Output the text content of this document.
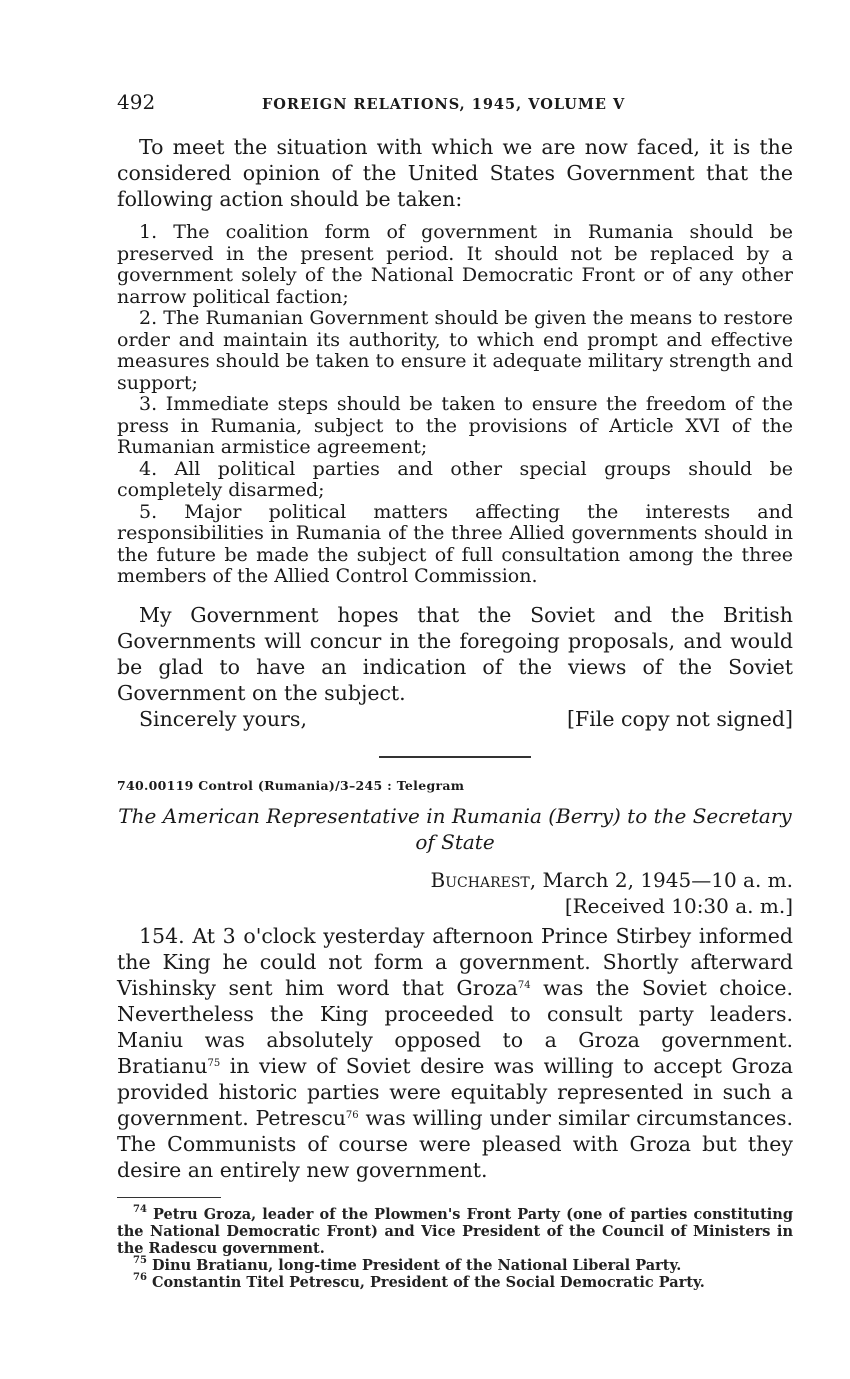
492	FOREIGN RELATIONS, 1945, VOLUME V

To meet the situation with which we are now faced, it is the considered opinion of the United States Government that the following action should be taken:

1. The coalition form of government in Rumania should be preserved in the present period. It should not be replaced by a government solely of the National Democratic Front or of any other narrow political faction;

2. The Rumanian Government should be given the means to restore order and maintain its authority, to which end prompt and effective measures should be taken to ensure it adequate military strength and support;

3. Immediate steps should be taken to ensure the freedom of the press in Rumania, subject to the provisions of Article XVI of the Rumanian armistice agreement;

4. All political parties and other special groups should be completely disarmed;

5. Major political matters affecting the interests and responsibilities in Rumania of the three Allied governments should in the future be made the subject of full consultation among the three members of the Allied Control Commission.

My Government hopes that the Soviet and the British Governments will concur in the foregoing proposals, and would be glad to have an indication of the views of the Soviet Government on the subject.

Sincerely yours,	[File copy not signed]
740.00119 Control (Rumania)/3–245 : Telegram
The American Representative in Rumania (Berry) to the Secretary of State
Bucharest, March 2, 1945—10 a. m.
[Received 10:30 a. m.]

154. At 3 o'clock yesterday afternoon Prince Stirbey informed the King he could not form a government. Shortly afterward Vishinsky sent him word that Groza$^{74}$ was the Soviet choice. Nevertheless the King proceeded to consult party leaders. Maniu was absolutely opposed to a Groza government. Bratianu$^{75}$ in view of Soviet desire was willing to accept Groza provided historic parties were equitably represented in such a government. Petrescu$^{76}$ was willing under similar circumstances. The Communists of course were pleased with Groza but they desire an entirely new government.

$^{74}$ Petru Groza, leader of the Plowmen's Front Party (one of parties constituting the National Democratic Front) and Vice President of the Council of Ministers in the Radescu government.

$^{75}$ Dinu Bratianu, long-time President of the National Liberal Party.

$^{76}$ Constantin Titel Petrescu, President of the Social Democratic Party.
